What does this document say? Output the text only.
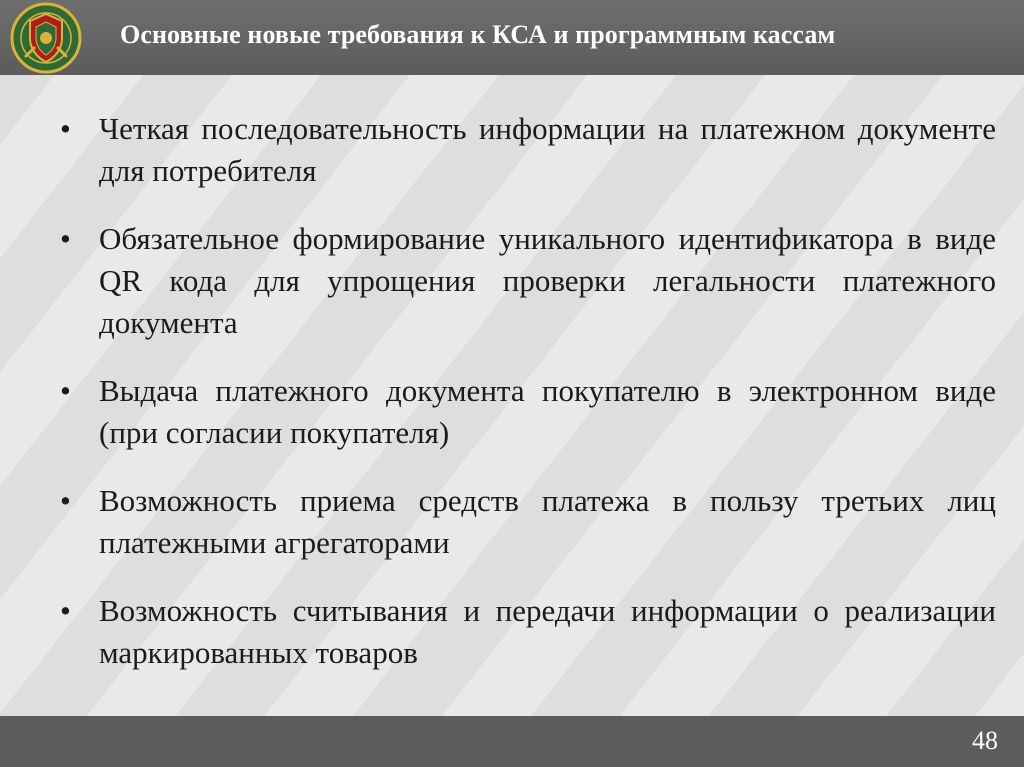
Основные новые требования к КСА и программным кассам
• Четкая последовательность информации на платежном документе для потребителя
• Обязательное формирование уникального идентификатора в виде QR кода для упрощения проверки легальности платежного документа
• Выдача платежного документа покупателю в электронном виде (при согласии покупателя)
• Возможность приема средств платежа в пользу третьих лиц платежными агрегаторами
• Возможность считывания и передачи информации о реализации маркированных товаров
48
